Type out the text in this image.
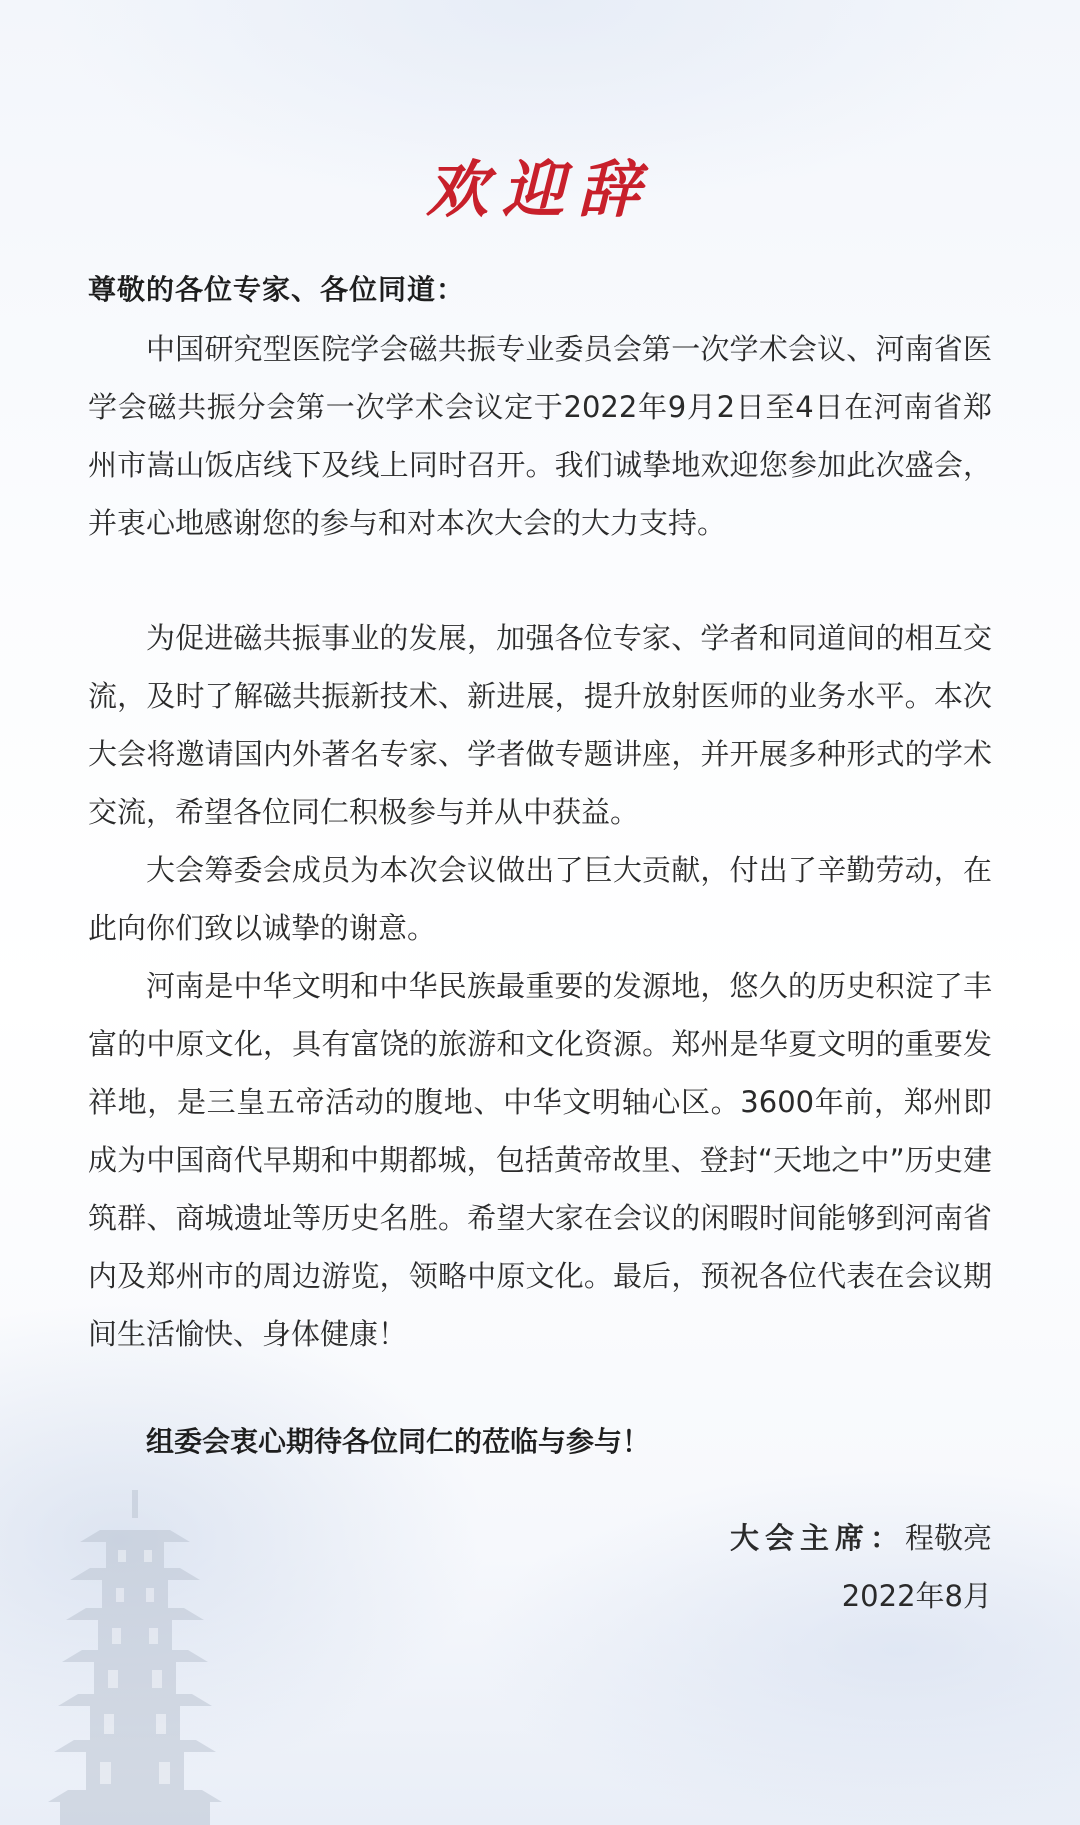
欢迎辞
尊敬的各位专家、各位同道：

中国研究型医院学会磁共振专业委员会第一次学术会议、河南省医学会磁共振分会第一次学术会议定于2022年9月2日至4日在河南省郑州市嵩山饭店线下及线上同时召开。我们诚挚地欢迎您参加此次盛会，并衷心地感谢您的参与和对本次大会的大力支持。

为促进磁共振事业的发展，加强各位专家、学者和同道间的相互交流，及时了解磁共振新技术、新进展，提升放射医师的业务水平。本次大会将邀请国内外著名专家、学者做专题讲座，并开展多种形式的学术交流，希望各位同仁积极参与并从中获益。

大会筹委会成员为本次会议做出了巨大贡献，付出了辛勤劳动，在此向你们致以诚挚的谢意。

河南是中华文明和中华民族最重要的发源地，悠久的历史积淀了丰富的中原文化，具有富饶的旅游和文化资源。郑州是华夏文明的重要发祥地，是三皇五帝活动的腹地、中华文明轴心区。3600年前，郑州即成为中国商代早期和中期都城，包括黄帝故里、登封“天地之中”历史建筑群、商城遗址等历史名胜。希望大家在会议的闲暇时间能够到河南省内及郑州市的周边游览，领略中原文化。最后，预祝各位代表在会议期间生活愉快、身体健康！

组委会衷心期待各位同仁的莅临与参与！
大会主席：程敬亮
2022年8月
